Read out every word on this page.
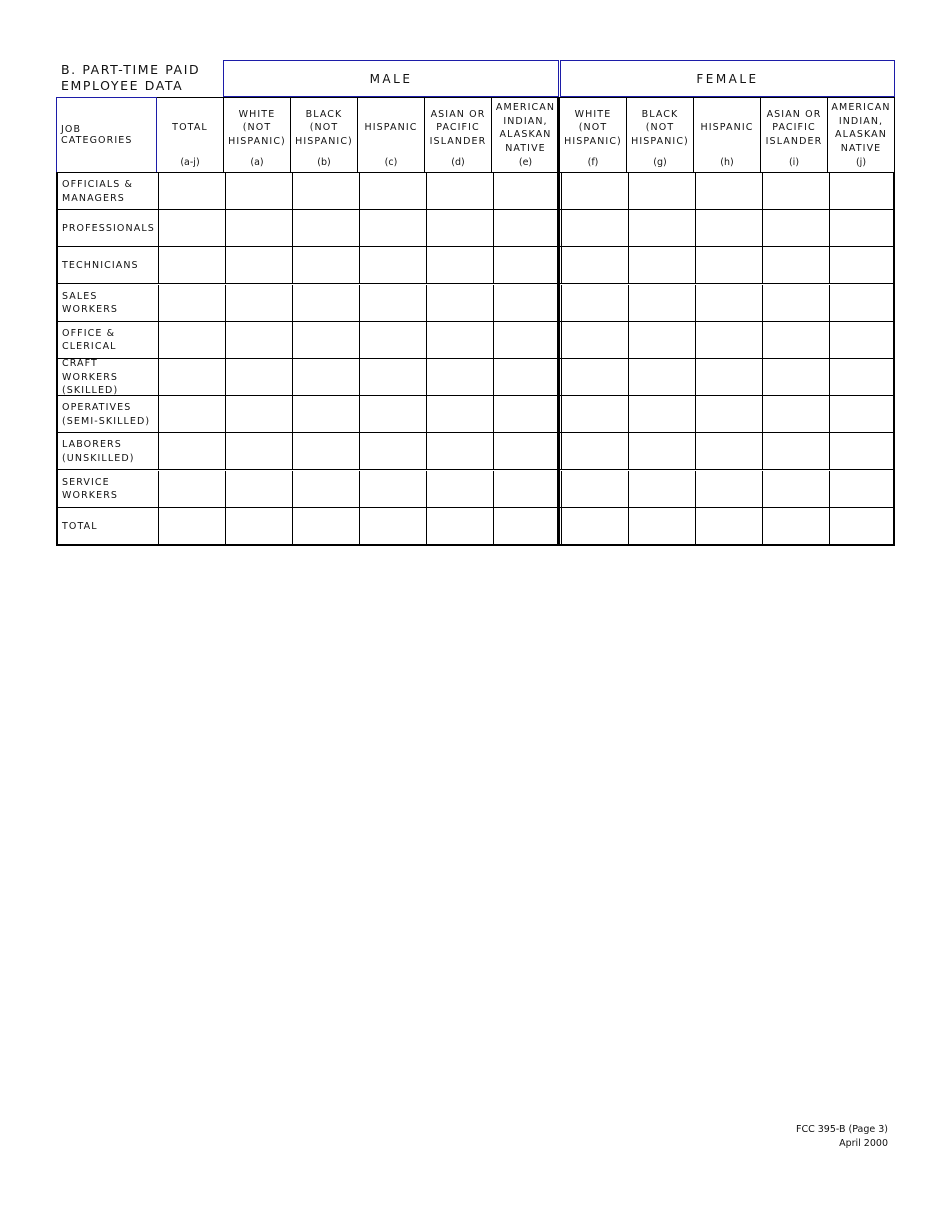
B. PART-TIME PAID EMPLOYEE DATA	MALE	FEMALE
JOB CATEGORIES
TOTAL
(a-j)
WHITE
(NOT
HISPANIC)
(a)
BLACK
(NOT
HISPANIC)
(b)
HISPANIC
(c)
ASIAN OR
PACIFIC
ISLANDER
(d)
AMERICAN
INDIAN,
ALASKAN
NATIVE
(e)
WHITE
(NOT
HISPANIC)
(f)
BLACK
(NOT
HISPANIC)
(g)
HISPANIC
(h)
ASIAN OR
PACIFIC
ISLANDER
(i)
AMERICAN
INDIAN,
ALASKAN
NATIVE
(j)
OFFICIALS &
MANAGERS
PROFESSIONALS
TECHNICIANS
SALES
WORKERS
OFFICE &
CLERICAL
CRAFT WORKERS
(SKILLED)
OPERATIVES
(SEMI-SKILLED)
LABORERS
(UNSKILLED)
SERVICE
WORKERS
TOTAL
FCC 395-B (Page 3)
April 2000
